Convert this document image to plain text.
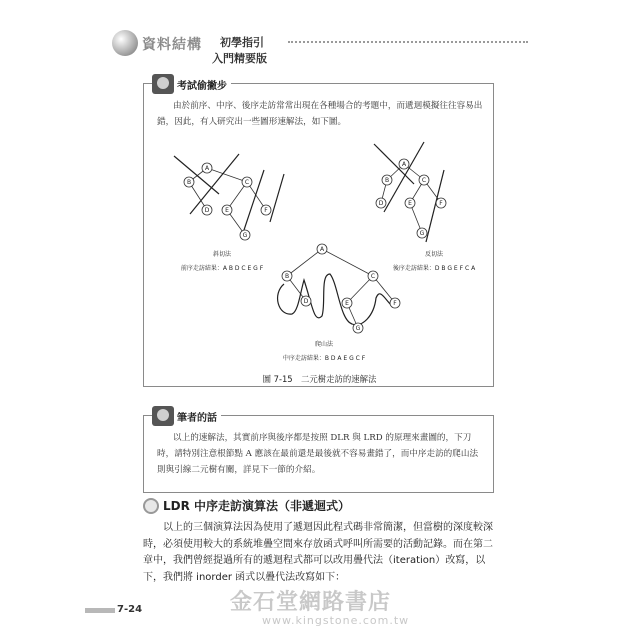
資料結構 初學指引
入門精要版
考試偷撇步
由於前序、中序、後序走訪常常出現在各種場合的考題中，而遞迴模擬往往容易出錯，因此，有人研究出一些圖形速解法，如下圖。
A
B	C
D	E	F
G
斜切法
前序走訪結果：A B D C E G F
A
B	C
D	E	F
G
反切法
後序走訪結果：D B G E F C A
A
B	C
D	E	F
G
爬山法
中序走訪結果：B D A E G C F
圖 7-15　二元樹走訪的速解法
筆者的話
以上的速解法，其實前序與後序都是按照 DLR 與 LRD 的原理來畫圖的，下刀時，請特別注意根節點 A 應該在最前還是最後就不容易畫錯了，而中序走訪的爬山法則與引線二元樹有關，詳見下一節的介紹。
LDR 中序走訪演算法（非遞迴式）
以上的三個演算法因為使用了遞迴因此程式碼非常簡潔，但當樹的深度較深時，必須使用較大的系統堆疊空間來存放函式呼叫所需要的活動記錄。而在第二章中，我們曾經提過所有的遞迴程式都可以改用疊代法（iteration）改寫，以下，我們將 inorder 函式以疊代法改寫如下：
7-24	金石堂網路書店
www.kingstone.com.tw
